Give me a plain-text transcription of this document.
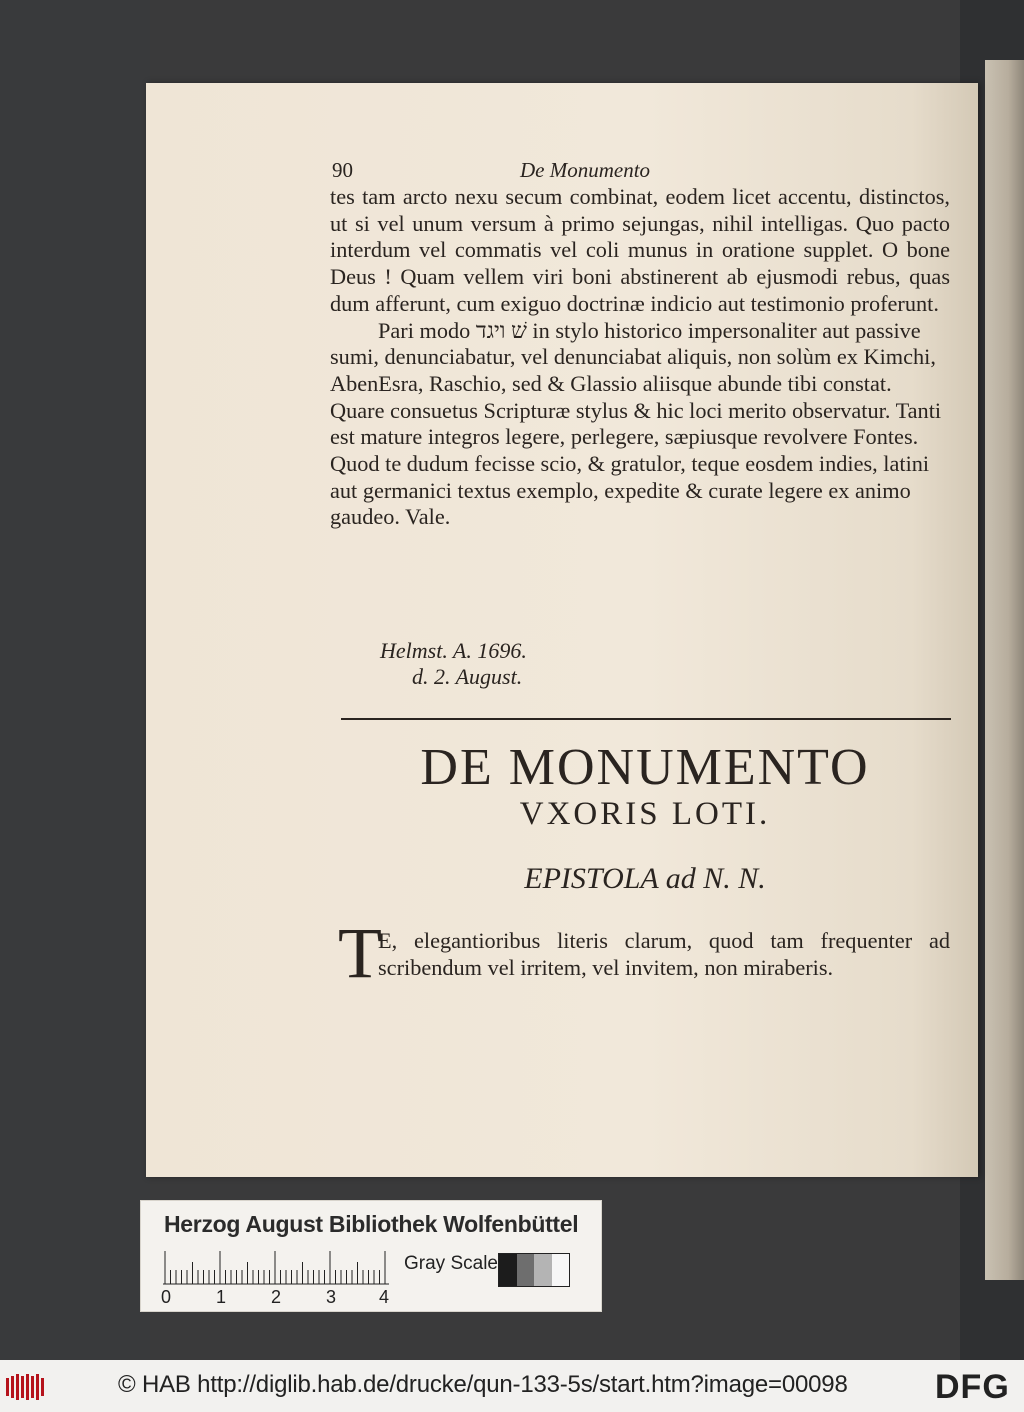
90	De Monumento

tes tam arcto nexu secum combinat, eodem licet accentu, distinctos, ut si vel unum versum à primo sejungas, nihil intelligas. Quo pacto interdum vel commatis vel coli munus in oratione supplet. O bone Deus ! Quam vellem viri boni abstinerent ab ejusmodi rebus, quas dum afferunt, cum exiguo doctrinæ indicio aut testimonio proferunt.

Pari modo שׁ ויגד in stylo historico impersonaliter aut passive sumi, denunciabatur, vel denunciabat aliquis, non solùm ex Kimchi, AbenEsra, Raschio, sed & Glassio aliisque abunde tibi constat. Quare consuetus Scripturæ stylus & hic loci merito observatur. Tanti est mature integros legere, perlegere, sæpiusque revolvere Fontes. Quod te dudum fecisse scio, & gratulor, teque eosdem indies, latini aut germanici textus exemplo, expedite & curate legere ex animo gaudeo. Vale.

Helmst. A. 1696.
d. 2. August.
DE MONUMENTO
VXORIS LOTI.
EPISTOLA ad N. N.
T
E, elegantioribus literis clarum, quod tam frequenter ad scribendum vel irritem, vel invitem, non miraberis.
Herzog August Bibliothek Wolfenbüttel
Gray Scale
0 1 2 3 4
© HAB http://diglib.hab.de/drucke/qun-133-5s/start.htm?image=00098	DFG
